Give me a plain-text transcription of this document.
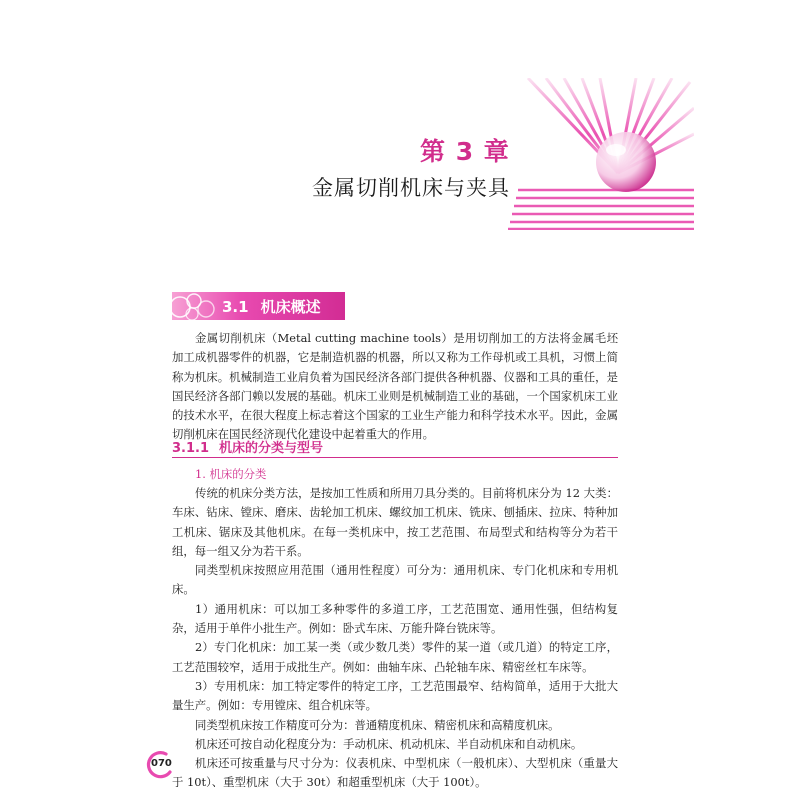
第 3 章
金属切削机床与夹具
3.1 机床概述

金属切削机床（Metal cutting machine tools）是用切削加工的方法将金属毛坯加工成机器零件的机器，它是制造机器的机器，所以又称为工作母机或工具机，习惯上简称为机床。机械制造工业肩负着为国民经济各部门提供各种机器、仪器和工具的重任，是国民经济各部门赖以发展的基础。机床工业则是机械制造工业的基础，一个国家机床工业的技术水平，在很大程度上标志着这个国家的工业生产能力和科学技术水平。因此，金属切削机床在国民经济现代化建设中起着重大的作用。

3.1.1 机床的分类与型号
1. 机床的分类

传统的机床分类方法，是按加工性质和所用刀具分类的。目前将机床分为 12 大类：车床、钻床、镗床、磨床、齿轮加工机床、螺纹加工机床、铣床、刨插床、拉床、特种加工机床、锯床及其他机床。在每一类机床中，按工艺范围、布局型式和结构等分为若干组，每一组又分为若干系。

同类型机床按照应用范围（通用性程度）可分为：通用机床、专门化机床和专用机床。

1）通用机床：可以加工多种零件的多道工序，工艺范围宽、通用性强，但结构复杂，适用于单件小批生产。例如：卧式车床、万能升降台铣床等。

2）专门化机床：加工某一类（或少数几类）零件的某一道（或几道）的特定工序，工艺范围较窄，适用于成批生产。例如：曲轴车床、凸轮轴车床、精密丝杠车床等。

3）专用机床：加工特定零件的特定工序，工艺范围最窄、结构简单，适用于大批大量生产。例如：专用镗床、组合机床等。

同类型机床按工作精度可分为：普通精度机床、精密机床和高精度机床。

机床还可按自动化程度分为：手动机床、机动机床、半自动机床和自动机床。

机床还可按重量与尺寸分为：仪表机床、中型机床（一般机床）、大型机床（重量大于 10t）、重型机床（大于 30t）和超重型机床（大于 100t）。

070
